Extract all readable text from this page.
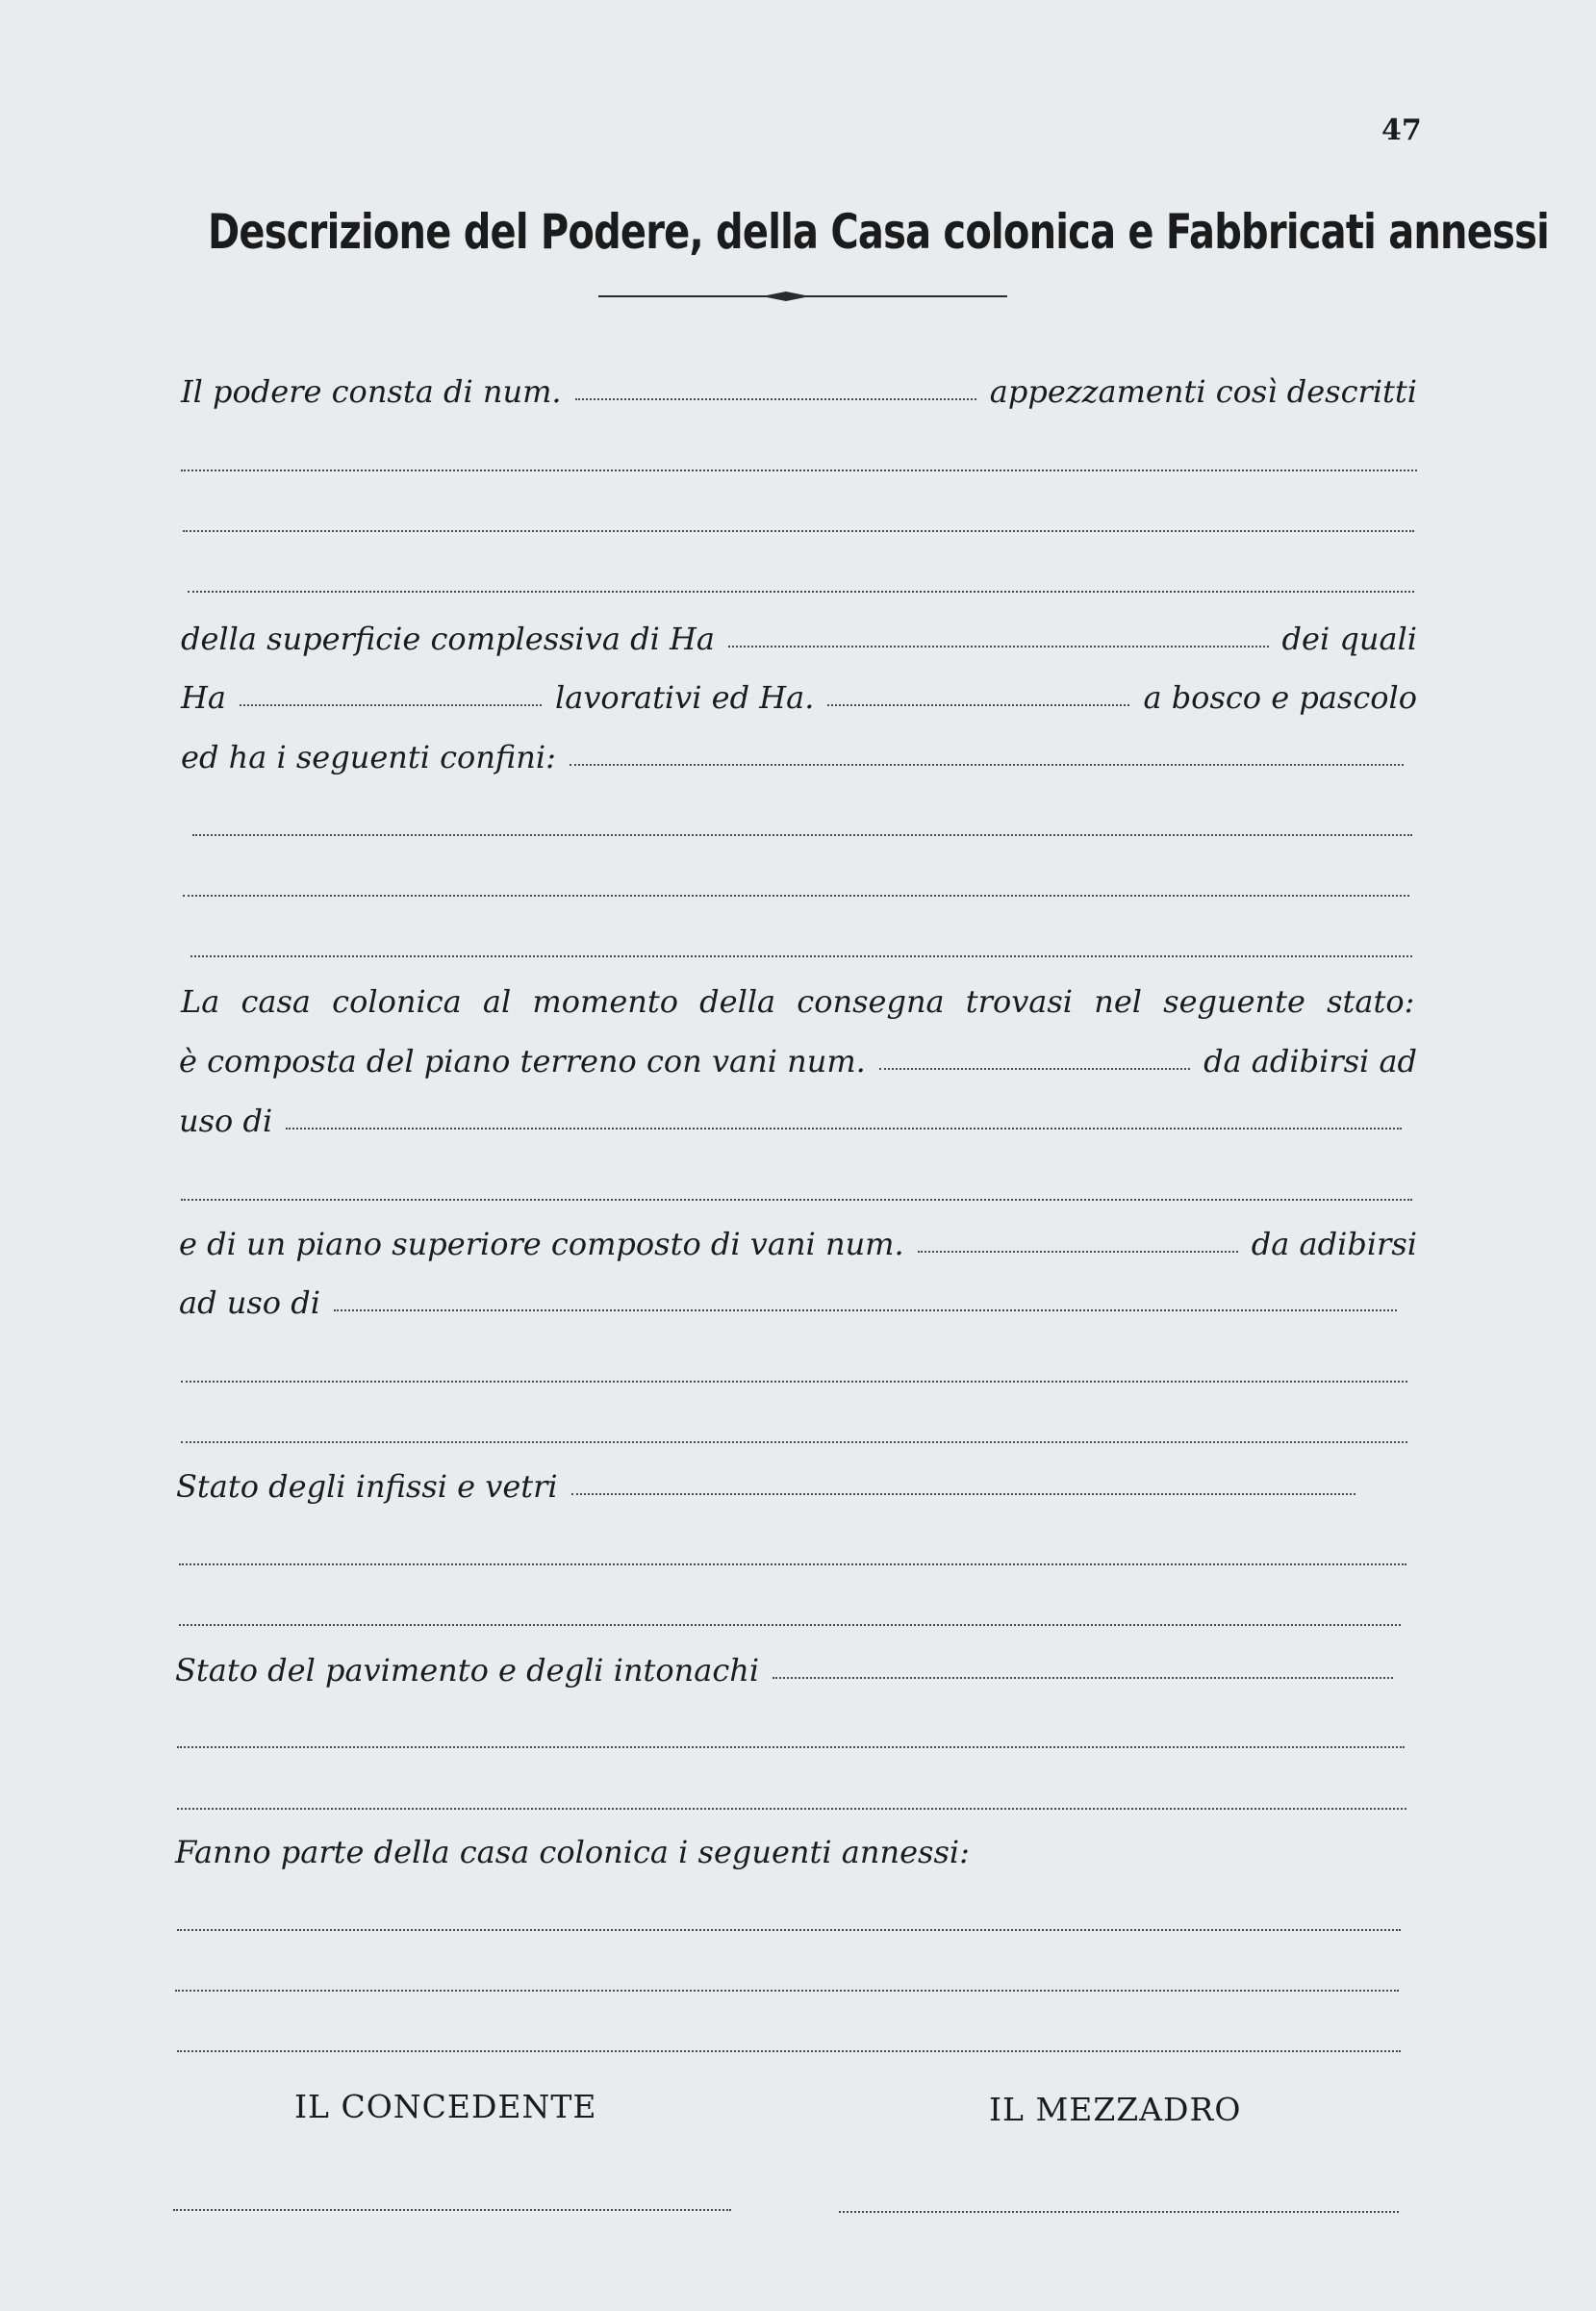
47
Descrizione del Podere, della Casa colonica e Fabbricati annessi
Il podere consta di num.	appezzamenti così descritti
della superficie complessiva di Ha	dei quali
Ha	lavorativi ed Ha.	a bosco e pascolo
ed ha i seguenti confini:
La casa colonica al momento della consegna trovasi nel seguente stato:
è composta del piano terreno con vani num.	da adibirsi ad
uso di
e di un piano superiore composto di vani num.	da adibirsi
ad uso di
Stato degli infissi e vetri
Stato del pavimento e degli intonachi
Fanno parte della casa colonica i seguenti annessi:
IL CONCEDENTE	IL MEZZADRO
